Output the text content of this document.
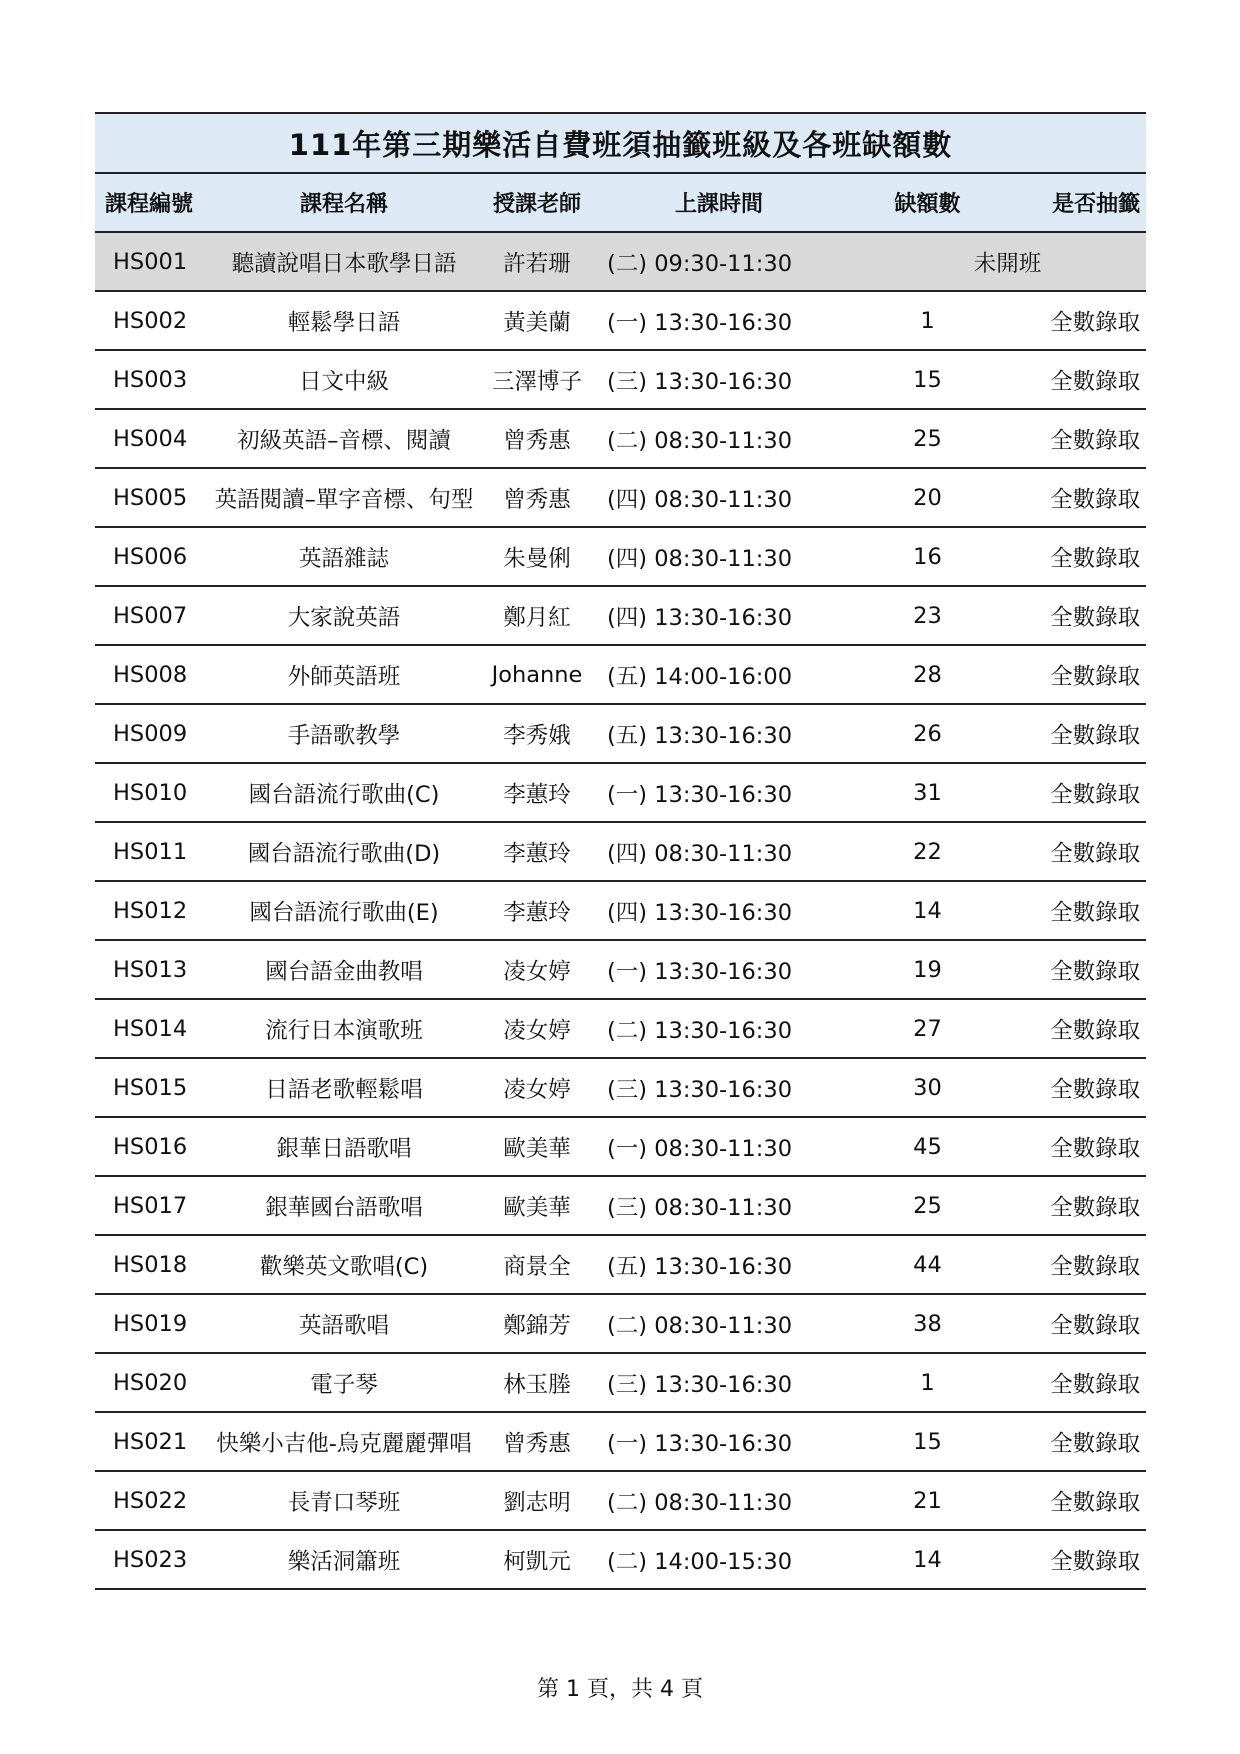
111年第三期樂活自費班須抽籤班級及各班缺額數					
課程編號	課程名稱	授課老師	上課時間	缺額數	是否抽籤
HS001	聽讀說唱日本歌學日語	許若珊	(二) 09:30-11:30	未開班	
HS002	輕鬆學日語	黃美蘭	(一) 13:30-16:30	1	全數錄取
HS003	日文中級	三澤博子	(三) 13:30-16:30	15	全數錄取
HS004	初級英語–音標、閱讀	曾秀惠	(二) 08:30-11:30	25	全數錄取
HS005	英語閱讀–單字音標、句型	曾秀惠	(四) 08:30-11:30	20	全數錄取
HS006	英語雜誌	朱曼俐	(四) 08:30-11:30	16	全數錄取
HS007	大家說英語	鄭月紅	(四) 13:30-16:30	23	全數錄取
HS008	外師英語班	Johanne	(五) 14:00-16:00	28	全數錄取
HS009	手語歌教學	李秀娥	(五) 13:30-16:30	26	全數錄取
HS010	國台語流行歌曲(C)	李蕙玲	(一) 13:30-16:30	31	全數錄取
HS011	國台語流行歌曲(D)	李蕙玲	(四) 08:30-11:30	22	全數錄取
HS012	國台語流行歌曲(E)	李蕙玲	(四) 13:30-16:30	14	全數錄取
HS013	國台語金曲教唱	凌女婷	(一) 13:30-16:30	19	全數錄取
HS014	流行日本演歌班	凌女婷	(二) 13:30-16:30	27	全數錄取
HS015	日語老歌輕鬆唱	凌女婷	(三) 13:30-16:30	30	全數錄取
HS016	銀華日語歌唱	歐美華	(一) 08:30-11:30	45	全數錄取
HS017	銀華國台語歌唱	歐美華	(三) 08:30-11:30	25	全數錄取
HS018	歡樂英文歌唱(C)	商景全	(五) 13:30-16:30	44	全數錄取
HS019	英語歌唱	鄭錦芳	(二) 08:30-11:30	38	全數錄取
HS020	電子琴	林玉塍	(三) 13:30-16:30	1	全數錄取
HS021	快樂小吉他-烏克麗麗彈唱	曾秀惠	(一) 13:30-16:30	15	全數錄取
HS022	長青口琴班	劉志明	(二) 08:30-11:30	21	全數錄取
HS023	樂活洞簫班	柯凱元	(二) 14:00-15:30	14	全數錄取
第 1 頁，共 4 頁
